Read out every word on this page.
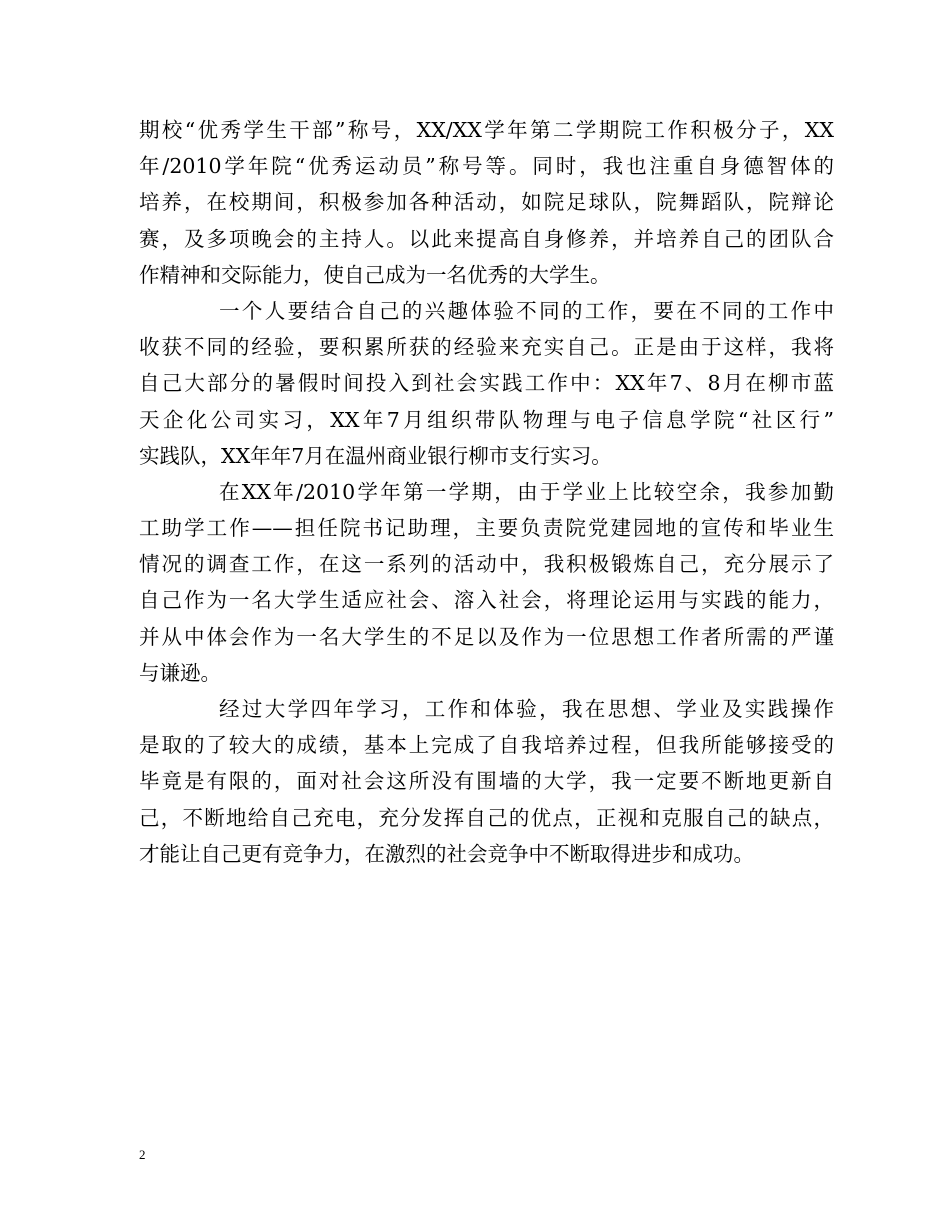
期校“优秀学生干部”称号，XX/XX学年第二学期院工作积极分子，XX
年/2010学年院“优秀运动员”称号等。同时，我也注重自身德智体的
培养，在校期间，积极参加各种活动，如院足球队，院舞蹈队，院辩论
赛，及多项晚会的主持人。以此来提高自身修养，并培养自己的团队合
作精神和交际能力，使自己成为一名优秀的大学生。
一个人要结合自己的兴趣体验不同的工作，要在不同的工作中
收获不同的经验，要积累所获的经验来充实自己。正是由于这样，我将
自己大部分的暑假时间投入到社会实践工作中：XX年7、8月在柳市蓝
天企化公司实习，XX年7月组织带队物理与电子信息学院“社区行”
实践队，XX年年7月在温州商业银行柳市支行实习。
在XX年/2010学年第一学期，由于学业上比较空余，我参加勤
工助学工作——担任院书记助理，主要负责院党建园地的宣传和毕业生
情况的调查工作，在这一系列的活动中，我积极锻炼自己，充分展示了
自己作为一名大学生适应社会、溶入社会，将理论运用与实践的能力，
并从中体会作为一名大学生的不足以及作为一位思想工作者所需的严谨
与谦逊。
经过大学四年学习，工作和体验，我在思想、学业及实践操作
是取的了较大的成绩，基本上完成了自我培养过程，但我所能够接受的
毕竟是有限的，面对社会这所没有围墙的大学，我一定要不断地更新自
己，不断地给自己充电，充分发挥自己的优点，正视和克服自己的缺点，
才能让自己更有竞争力，在激烈的社会竞争中不断取得进步和成功。
2
